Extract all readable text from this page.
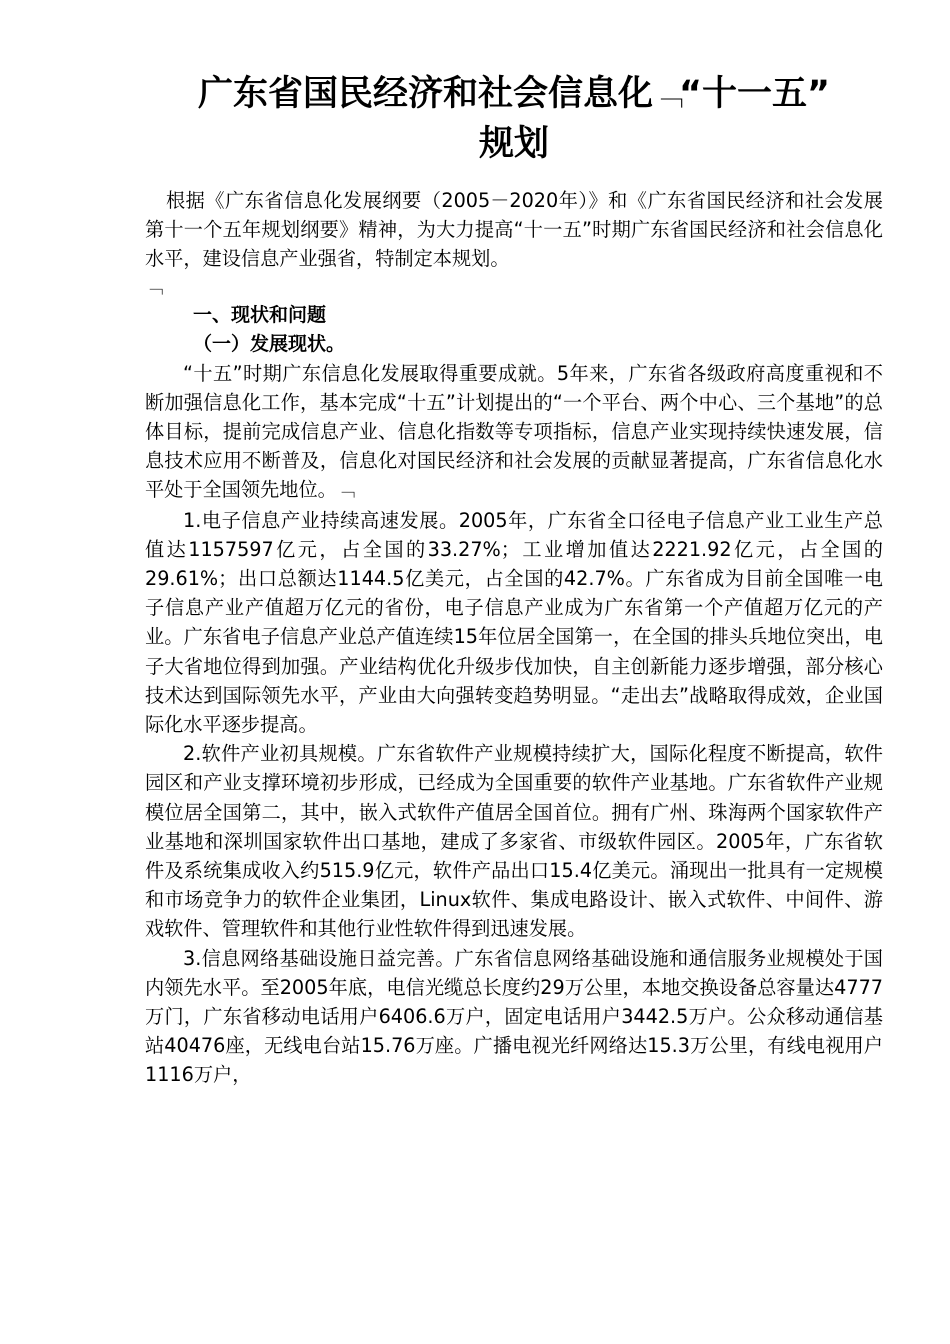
广东省国民经济和社会信息化﹁“十一五”
规划

根据《广东省信息化发展纲要（2005－2020年）》和《广东省国民经济和社会发展第十一个五年规划纲要》精神，为大力提高“十一五”时期广东省国民经济和社会信息化水平，建设信息产业强省，特制定本规划。

﹁

一、现状和问题

（一）发展现状。

“十五”时期广东信息化发展取得重要成就。5年来，广东省各级政府高度重视和不断加强信息化工作，基本完成“十五”计划提出的“一个平台、两个中心、三个基地”的总体目标，提前完成信息产业、信息化指数等专项指标，信息产业实现持续快速发展，信息技术应用不断普及，信息化对国民经济和社会发展的贡献显著提高，广东省信息化水平处于全国领先地位。﹁

1.电子信息产业持续高速发展。2005年，广东省全口径电子信息产业工业生产总值达1157597亿元，占全国的33.27%；工业增加值达2221.92亿元，占全国的29.61%；出口总额达1144.5亿美元，占全国的42.7%。广东省成为目前全国唯一电子信息产业产值超万亿元的省份，电子信息产业成为广东省第一个产值超万亿元的产业。广东省电子信息产业总产值连续15年位居全国第一，在全国的排头兵地位突出，电子大省地位得到加强。产业结构优化升级步伐加快，自主创新能力逐步增强，部分核心技术达到国际领先水平，产业由大向强转变趋势明显。“走出去”战略取得成效，企业国际化水平逐步提高。

2.软件产业初具规模。广东省软件产业规模持续扩大，国际化程度不断提高，软件园区和产业支撑环境初步形成，已经成为全国重要的软件产业基地。广东省软件产业规模位居全国第二，其中，嵌入式软件产值居全国首位。拥有广州、珠海两个国家软件产业基地和深圳国家软件出口基地，建成了多家省、市级软件园区。2005年，广东省软件及系统集成收入约515.9亿元，软件产品出口15.4亿美元。涌现出一批具有一定规模和市场竞争力的软件企业集团，Linux软件、集成电路设计、嵌入式软件、中间件、游戏软件、管理软件和其他行业性软件得到迅速发展。

3.信息网络基础设施日益完善。广东省信息网络基础设施和通信服务业规模处于国内领先水平。至2005年底，电信光缆总长度约29万公里，本地交换设备总容量达4777万门，广东省移动电话用户6406.6万户，固定电话用户3442.5万户。公众移动通信基站40476座，无线电台站15.76万座。广播电视光纤网络达15.3万公里，有线电视用户1116万户，
